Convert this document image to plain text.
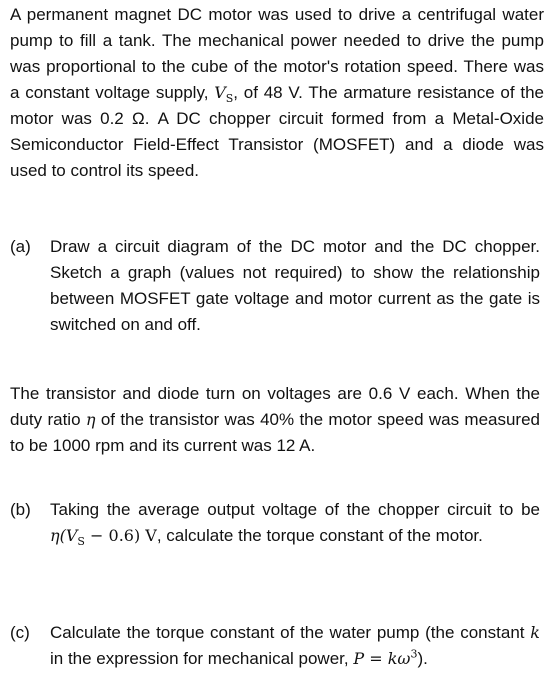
A permanent magnet DC motor was used to drive a centrifugal water pump to fill a tank. The mechanical power needed to drive the pump was proportional to the cube of the motor's rotation speed. There was a constant voltage supply, $V_S$, of 48 V. The armature resistance of the motor was 0.2 Ω. A DC chopper circuit formed from a Metal-Oxide Semiconductor Field-Effect Transistor (MOSFET) and a diode was used to control its speed.
(a)	Draw a circuit diagram of the DC motor and the DC chopper. Sketch a graph (values not required) to show the relationship between MOSFET gate voltage and motor current as the gate is switched on and off.
The transistor and diode turn on voltages are 0.6 V each. When the duty ratio η of the transistor was 40% the motor speed was measured to be 1000 rpm and its current was 12 A.
(b)	Taking the average output voltage of the chopper circuit to be $\eta(V_S - 0.6)$ V, calculate the torque constant of the motor.
(c)	Calculate the torque constant of the water pump (the constant k in the expression for mechanical power, $P = k\omega^3$).
